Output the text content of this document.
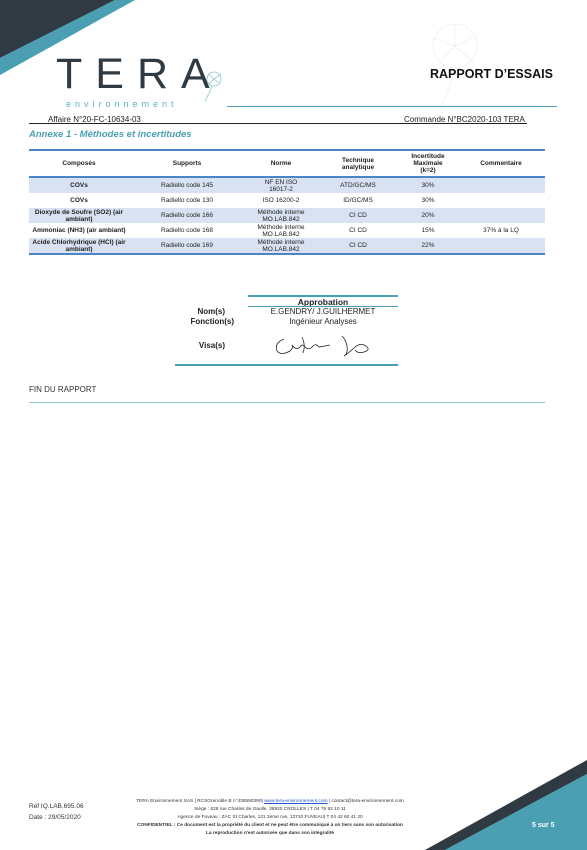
TERA
environnement
RAPPORT D’ESSAIS
Affaire N°20-FC-10634-03	Commande N°BC2020-103 TERA
Annexe 1 - Méthodes et incertitudes
Composés	Supports	Norme	Technique analytique	Incertitude Maximale (k=2)	Commentaire
COVs	Radiello code 145	NF EN ISO 16017-2	ATD/GC/MS	30%	
COVs	Radiello code 130	ISO 16200-2	ID/GC/MS	30%	
Dioxyde de Soufre (SO2) (air ambiant)	Radiello code 166	Méthode interne MO.LAB.842	CI CD	20%	
Ammoniac (NH3) (air ambiant)	Radiello code 168	Méthode interne MO.LAB.842	CI CD	15%	37% à la LQ
Acide Chlorhydrique (HCl) (air ambiant)	Radiello code 169	Méthode interne MO.LAB.842	CI CD	22%	
Approbation
Nom(s)	E.GENDRY/ J.GUILHERMET
Fonction(s)	Ingénieur Analyses
Visa(s)
FIN DU RAPPORT
Réf IQ.LAB.695.06
Date : 29/05/2020
TERA Environnement SAS | RCSGrenoble B n°438590390| www.tera-environnement.com | contact@tera-environnement.com
Siège : 628 rue Charles de Gaulle, 38920 CROLLES | T 04 76 92 10 11
Agence de Fuveau : ZAC St Charles, 131 3ème rue, 13710 FUVEAU| T 04 42 60 41 20
CONFIDENTIEL : Ce document est la propriété du client et ne peut être communiqué à un tiers sans son autorisation
La reproduction n'est autorisée que dans son intégralité
5 sur 5
